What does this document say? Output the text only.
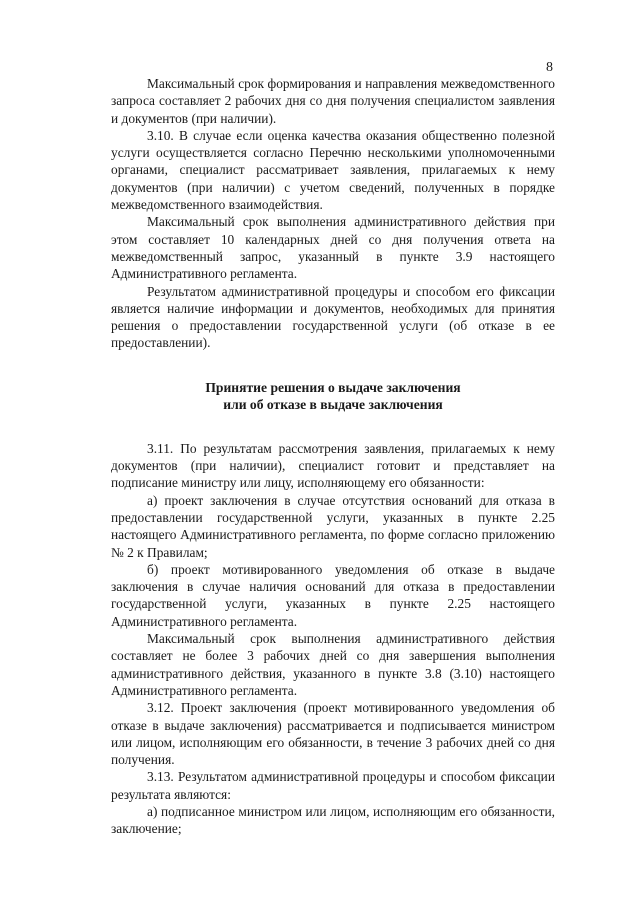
8

Максимальный срок формирования и направления межведомственного запроса составляет 2 рабочих дня со дня получения специалистом заявления и документов (при наличии).

3.10. В случае если оценка качества оказания общественно полезной услуги осуществляется согласно Перечню несколькими уполномоченными органами, специалист рассматривает заявления, прилагаемых к нему документов (при наличии) с учетом сведений, полученных в порядке межведомственного взаимодействия.

Максимальный срок выполнения административного действия при этом составляет 10 календарных дней со дня получения ответа на межведомственный запрос, указанный в пункте 3.9 настоящего Административного регламента.

Результатом административной процедуры и способом его фиксации является наличие информации и документов, необходимых для принятия решения о предоставлении государственной услуги (об отказе в ее предоставлении).

Принятие решения о выдаче заключения
или об отказе в выдаче заключения

3.11. По результатам рассмотрения заявления, прилагаемых к нему документов (при наличии), специалист готовит и представляет на подписание министру или лицу, исполняющему его обязанности:

а) проект заключения в случае отсутствия оснований для отказа в предоставлении государственной услуги, указанных в пункте 2.25 настоящего Административного регламента, по форме согласно приложению № 2 к Правилам;

б) проект мотивированного уведомления об отказе в выдаче заключения в случае наличия оснований для отказа в предоставлении государственной услуги, указанных в пункте 2.25 настоящего Административного регламента.

Максимальный срок выполнения административного действия составляет не более 3 рабочих дней со дня завершения выполнения административного действия, указанного в пункте 3.8 (3.10) настоящего Административного регламента.

3.12. Проект заключения (проект мотивированного уведомления об отказе в выдаче заключения) рассматривается и подписывается министром или лицом, исполняющим его обязанности, в течение 3 рабочих дней со дня получения.

3.13. Результатом административной процедуры и способом фиксации результата являются:

а) подписанное министром или лицом, исполняющим его обязанности, заключение;
